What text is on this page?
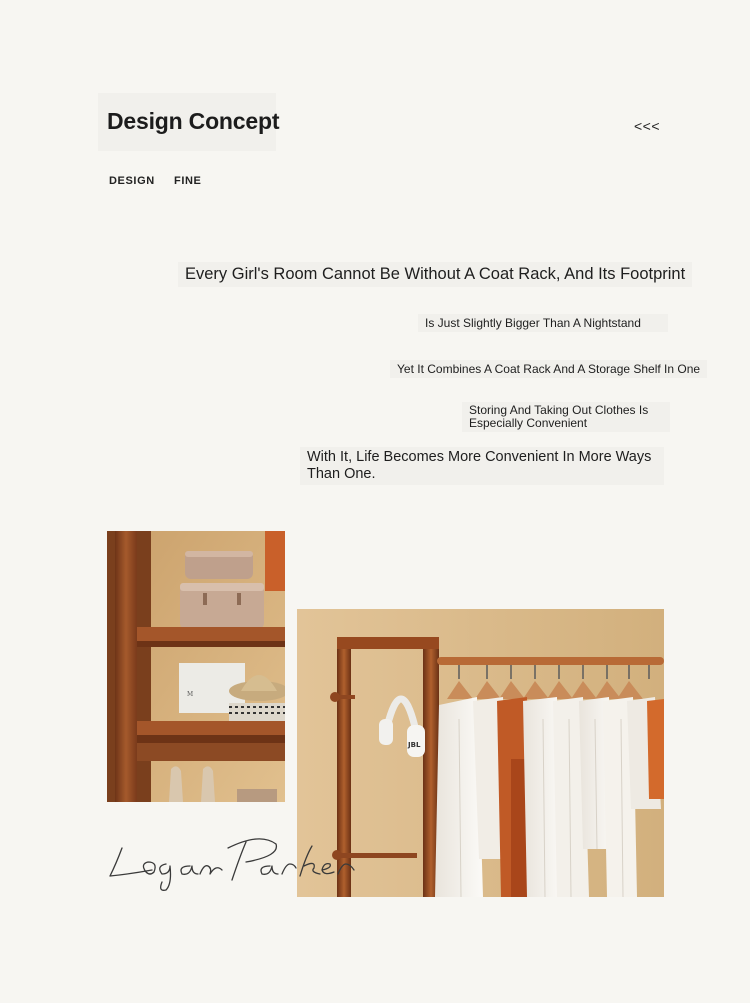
Design Concept	<<<
DESIGN FINE
Every Girl's Room Cannot Be Without A Coat Rack, And Its Footprint
Is Just Slightly Bigger Than A Nightstand
Yet It Combines A Coat Rack And A Storage Shelf In One
Storing And Taking Out Clothes Is Especially Convenient
With It, Life Becomes More Convenient In More Ways Than One.
M
JBL
